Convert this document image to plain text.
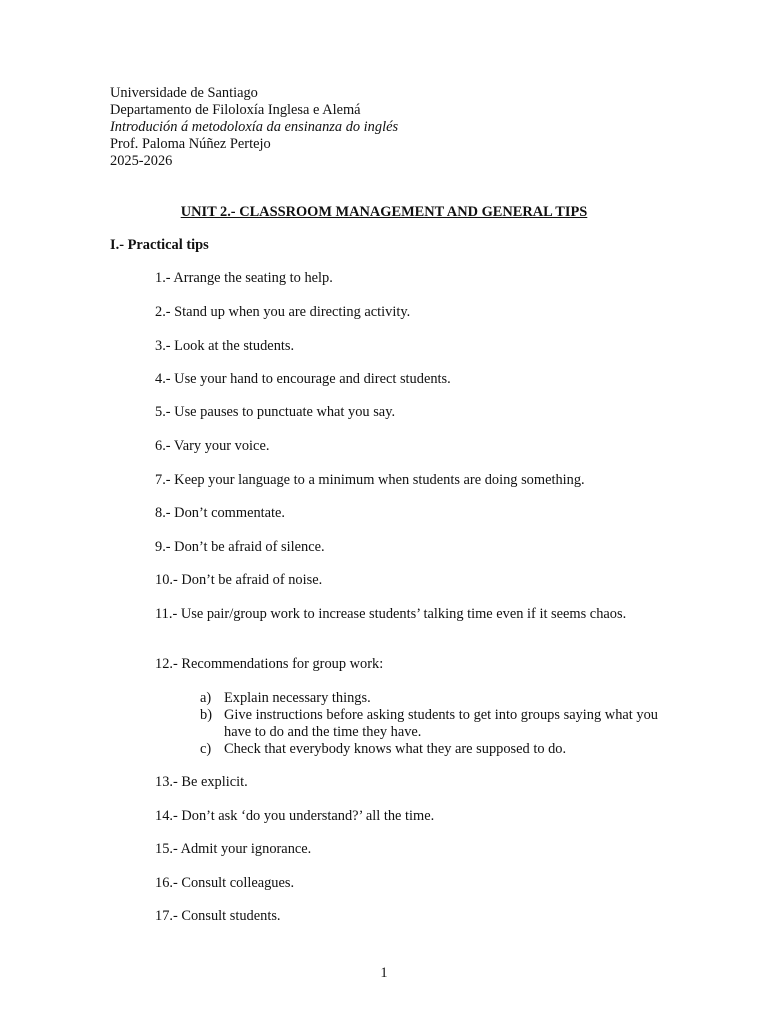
Universidade de Santiago
Departamento de Filoloxía Inglesa e Alemá
Introdución á metodoloxía da ensinanza do inglés
Prof. Paloma Núñez Pertejo
2025-2026
UNIT 2.- CLASSROOM MANAGEMENT AND GENERAL TIPS
I.- Practical tips
1.- Arrange the seating to help.
2.- Stand up when you are directing activity.
3.- Look at the students.
4.- Use your hand to encourage and direct students.
5.- Use pauses to punctuate what you say.
6.- Vary your voice.
7.- Keep your language to a minimum when students are doing something.
8.- Don’t commentate.
9.- Don’t be afraid of silence.
10.- Don’t be afraid of noise.
11.- Use pair/group work to increase students’ talking time even if it seems chaos.
12.- Recommendations for group work:
a) Explain necessary things.
b) Give instructions before asking students to get into groups saying what you have to do and the time they have.
c) Check that everybody knows what they are supposed to do.
13.- Be explicit.
14.- Don’t ask ‘do you understand?’ all the time.
15.- Admit your ignorance.
16.- Consult colleagues.
17.- Consult students.
1
